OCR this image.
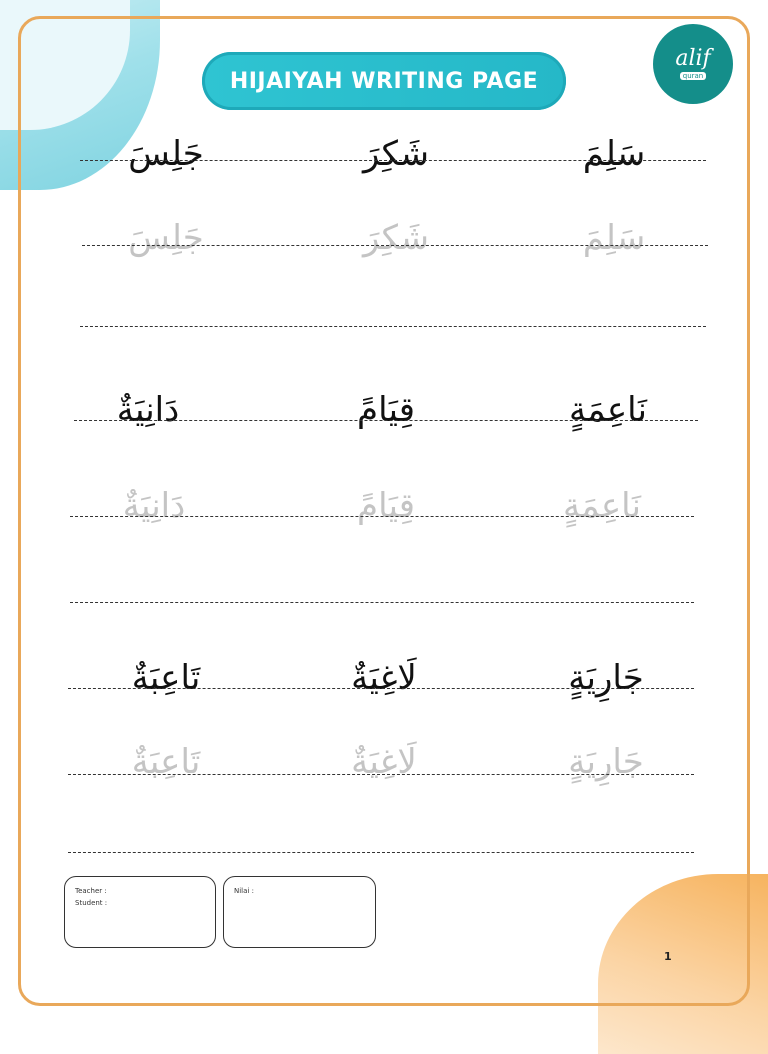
HIJAIYAH WRITING PAGE
alif
quran
سَلِمَ
شَكِرَ
جَلِسَ
سَلِمَ
شَكِرَ
جَلِسَ
نَاعِمَةٍ
قِيَامً
دَانِيَةٌ
نَاعِمَةٍ
قِيَامً
دَانِيَةٌ
جَارِيَةٍ
لَاغِيَةٌ
تَاعِبَةٌ
جَارِيَةٍ
لَاغِيَةٌ
تَاعِبَةٌ
Teacher :
Student :
Nilai :
1
